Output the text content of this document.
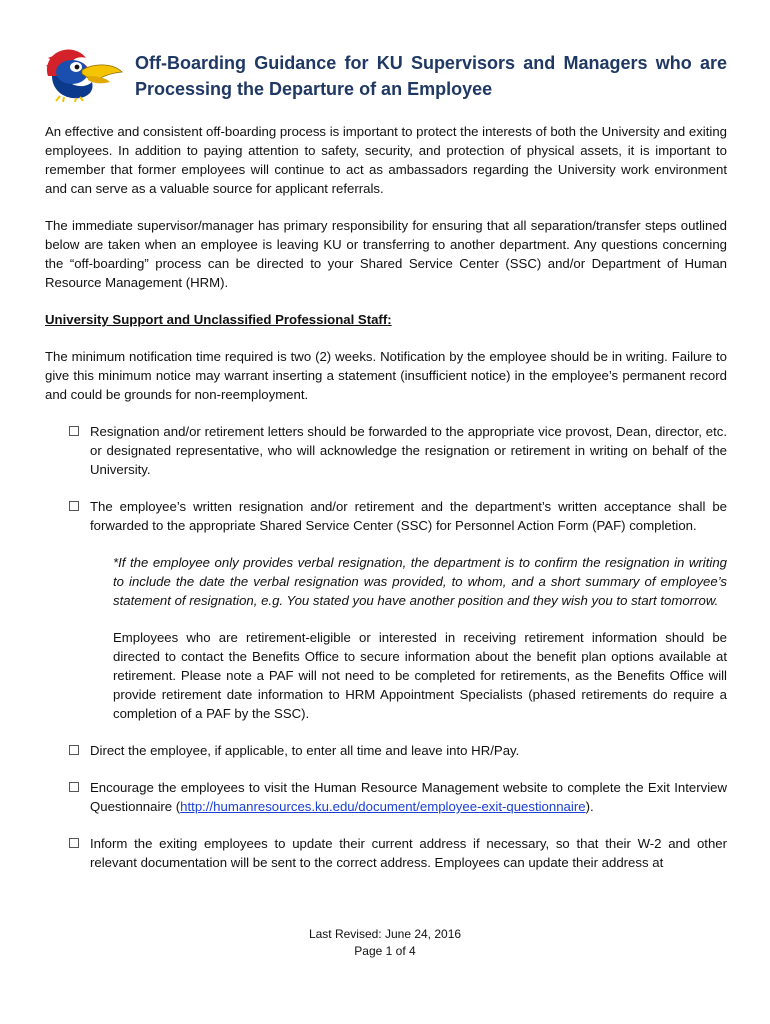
Off-Boarding Guidance for KU Supervisors and Managers who are Processing the Departure of an Employee

An effective and consistent off-boarding process is important to protect the interests of both the University and exiting employees. In addition to paying attention to safety, security, and protection of physical assets, it is important to remember that former employees will continue to act as ambassadors regarding the University work environment and can serve as a valuable source for applicant referrals.

The immediate supervisor/manager has primary responsibility for ensuring that all separation/transfer steps outlined below are taken when an employee is leaving KU or transferring to another department. Any questions concerning the “off-boarding” process can be directed to your Shared Service Center (SSC) and/or Department of Human Resource Management (HRM).

University Support and Unclassified Professional Staff:

The minimum notification time required is two (2) weeks. Notification by the employee should be in writing. Failure to give this minimum notice may warrant inserting a statement (insufficient notice) in the employee’s permanent record and could be grounds for non-reemployment.

Resignation and/or retirement letters should be forwarded to the appropriate vice provost, Dean, director, etc. or designated representative, who will acknowledge the resignation or retirement in writing on behalf of the University.
The employee’s written resignation and/or retirement and the department’s written acceptance shall be forwarded to the appropriate Shared Service Center (SSC) for Personnel Action Form (PAF) completion.

*If the employee only provides verbal resignation, the department is to confirm the resignation in writing to include the date the verbal resignation was provided, to whom, and a short summary of employee’s statement of resignation, e.g. You stated you have another position and they wish you to start tomorrow.

Employees who are retirement-eligible or interested in receiving retirement information should be directed to contact the Benefits Office to secure information about the benefit plan options available at retirement. Please note a PAF will not need to be completed for retirements, as the Benefits Office will provide retirement date information to HRM Appointment Specialists (phased retirements do require a completion of a PAF by the SSC).

Direct the employee, if applicable, to enter all time and leave into HR/Pay.
Encourage the employees to visit the Human Resource Management website to complete the Exit Interview Questionnaire (http://humanresources.ku.edu/document/employee-exit-questionnaire).
Inform the exiting employees to update their current address if necessary, so that their W-2 and other relevant documentation will be sent to the correct address. Employees can update their address at
Last Revised: June 24, 2016
Page 1 of 4
